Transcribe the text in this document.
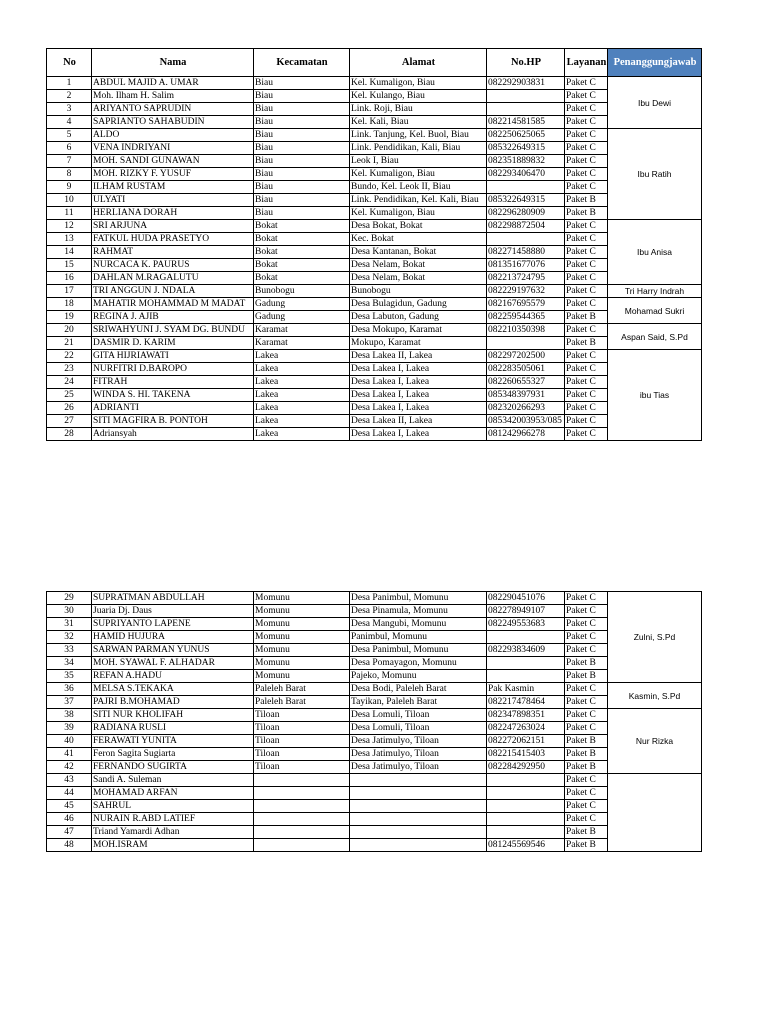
No	Nama	Kecamatan	Alamat	No.HP	Layanan	Penanggungjawab
1	ABDUL MAJID A. UMAR	Biau	Kel. Kumaligon, Biau	082292903831	Paket C	Ibu Dewi
2	Moh. Ilham H. Salim	Biau	Kel. Kulango, Biau		Paket C	
3	ARIYANTO SAPRUDIN	Biau	Link. Roji, Biau		Paket C	
4	SAPRIANTO SAHABUDIN	Biau	Kel. Kali, Biau	082214581585	Paket C	
5	ALDO	Biau	Link. Tanjung, Kel. Buol, Biau	082250625065	Paket C	Ibu Ratih
6	VENA INDRIYANI	Biau	Link. Pendidikan, Kali, Biau	085322649315	Paket C	
7	MOH. SANDI GUNAWAN	Biau	Leok I, Biau	082351889832	Paket C	
8	MOH. RIZKY F. YUSUF	Biau	Kel. Kumaligon, Biau	082293406470	Paket C	
9	ILHAM RUSTAM	Biau	Bundo, Kel. Leok II, Biau		Paket C	
10	ULYATI	Biau	Link. Pendidikan, Kel. Kali, Biau	085322649315	Paket B	
11	HERLIANA DORAH	Biau	Kel. Kumaligon, Biau	082296280909	Paket B	
12	SRI ARJUNA	Bokat	Desa Bokat, Bokat	082298872504	Paket C	Ibu Anisa
13	FATKUL HUDA PRASETYO	Bokat	Kec. Bokat		Paket C	
14	RAHMAT	Bokat	Desa Kantanan, Bokat	082271458880	Paket C	
15	NURCACA K. PAURUS	Bokat	Desa Nelam, Bokat	081351677076	Paket C	
16	DAHLAN M.RAGALUTU	Bokat	Desa Nelam, Bokat	082213724795	Paket C	
17	TRI ANGGUN J. NDALA	Bunobogu	Bunobogu	082229197632	Paket C	Tri Harry Indrah
18	MAHATIR MOHAMMAD M MADAT	Gadung	Desa Bulagidun, Gadung	082167695579	Paket C	Mohamad Sukri
19	REGINA J. AJIB	Gadung	Desa Labuton, Gadung	082259544365	Paket B	
20	SRIWAHYUNI J. SYAM DG. BUNDU	Karamat	Desa Mokupo, Karamat	082210350398	Paket C	Aspan Said, S.Pd
21	DASMIR D. KARIM	Karamat	Mokupo, Karamat		Paket B	
22	GITA HIJRIAWATI	Lakea	Desa Lakea II, Lakea	082297202500	Paket C	ibu Tias
23	NURFITRI D.BAROPO	Lakea	Desa Lakea I, Lakea	082283505061	Paket C	
24	FITRAH	Lakea	Desa Lakea I, Lakea	082260655327	Paket C	
25	WINDA S. HI. TAKENA	Lakea	Desa Lakea I, Lakea	085348397931	Paket C	
26	ADRIANTI	Lakea	Desa Lakea I, Lakea	082320266293	Paket C	
27	SITI MAGFIRA B. PONTOH	Lakea	Desa Lakea II, Lakea	085342003953/085	Paket C	
28	Adriansyah	Lakea	Desa Lakea I, Lakea	081242966278	Paket C	
29	SUPRATMAN ABDULLAH	Momunu	Desa Panimbul, Momunu	082290451076	Paket C	Zulni, S.Pd
30	Juaria Dj. Daus	Momunu	Desa Pinamula, Momunu	082278949107	Paket C	
31	SUPRIYANTO LAPENE	Momunu	Desa Mangubi, Momunu	082249553683	Paket C	
32	HAMID HUJURA	Momunu	Panimbul, Momunu		Paket C	
33	SARWAN PARMAN YUNUS	Momunu	Desa Panimbul, Momunu	082293834609	Paket C	
34	MOH. SYAWAL F. ALHADAR	Momunu	Desa Pomayagon, Momunu		Paket B	
35	REFAN A.HADU	Momunu	Pajeko, Momunu		Paket B	
36	MELSA S.TEKAKA	Paleleh Barat	Desa Bodi, Paleleh Barat	Pak Kasmin	Paket C	Kasmin, S.Pd
37	PAJRI B.MOHAMAD	Paleleh Barat	Tayikan, Paleleh Barat	082217478464	Paket C	
38	SITI NUR KHOLIFAH	Tiloan	Desa Lomuli, Tiloan	082347898351	Paket C	Nur Rizka
39	RADIANA RUSLI	Tiloan	Desa Lomuli, Tiloan	082247263024	Paket C	
40	FERAWATI YUNITA	Tiloan	Desa Jatimulyo, Tiloan	082272062151	Paket B	
41	Feron Sagita Sugiarta	Tiloan	Desa Jatimulyo, Tiloan	082215415403	Paket B	
42	FERNANDO SUGIRTA	Tiloan	Desa Jatimulyo, Tiloan	082284292950	Paket B	
43	Sandi A. Suleman				Paket C	
44	MOHAMAD ARFAN				Paket C	
45	SAHRUL				Paket C	
46	NURAIN R.ABD LATIEF				Paket C	
47	Triand Yamardi Adhan				Paket B	
48	MOH.ISRAM			081245569546	Paket B	
